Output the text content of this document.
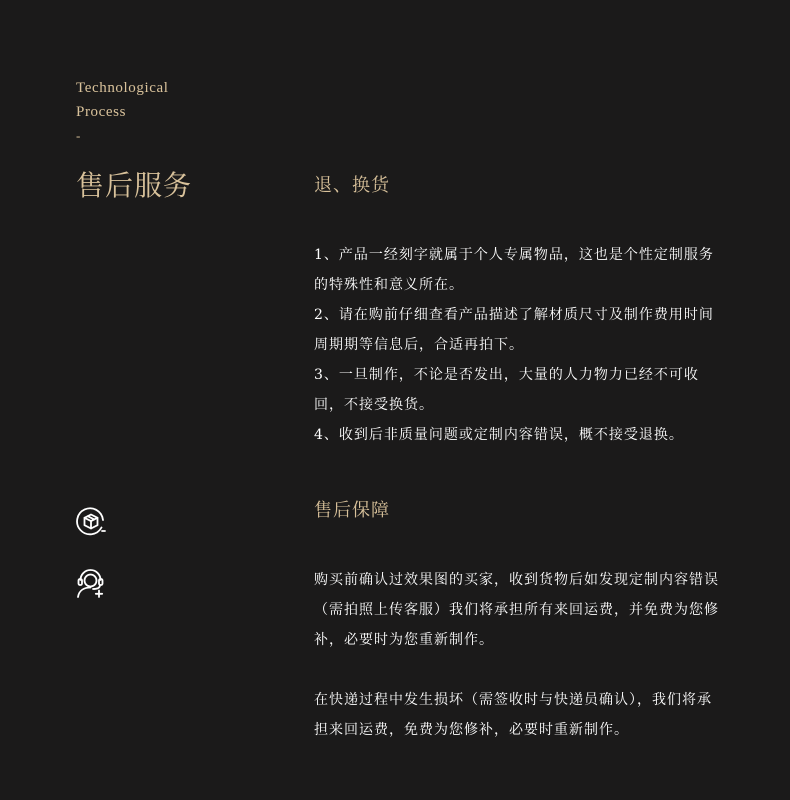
Technological
Process
-
售后服务	退、换货

1、产品一经刻字就属于个人专属物品，这也是个性定制服务的特殊性和意义所在。

2、请在购前仔细查看产品描述了解材质尺寸及制作费用时间周期期等信息后，合适再拍下。

3、一旦制作，不论是否发出，大量的人力物力已经不可收回，不接受换货。

4、收到后非质量问题或定制内容错误，概不接受退换。

售后保障

购买前确认过效果图的买家，收到货物后如发现定制内容错误（需拍照上传客服）我们将承担所有来回运费，并免费为您修补，必要时为您重新制作。

在快递过程中发生损坏（需签收时与快递员确认），我们将承担来回运费，免费为您修补，必要时重新制作。
